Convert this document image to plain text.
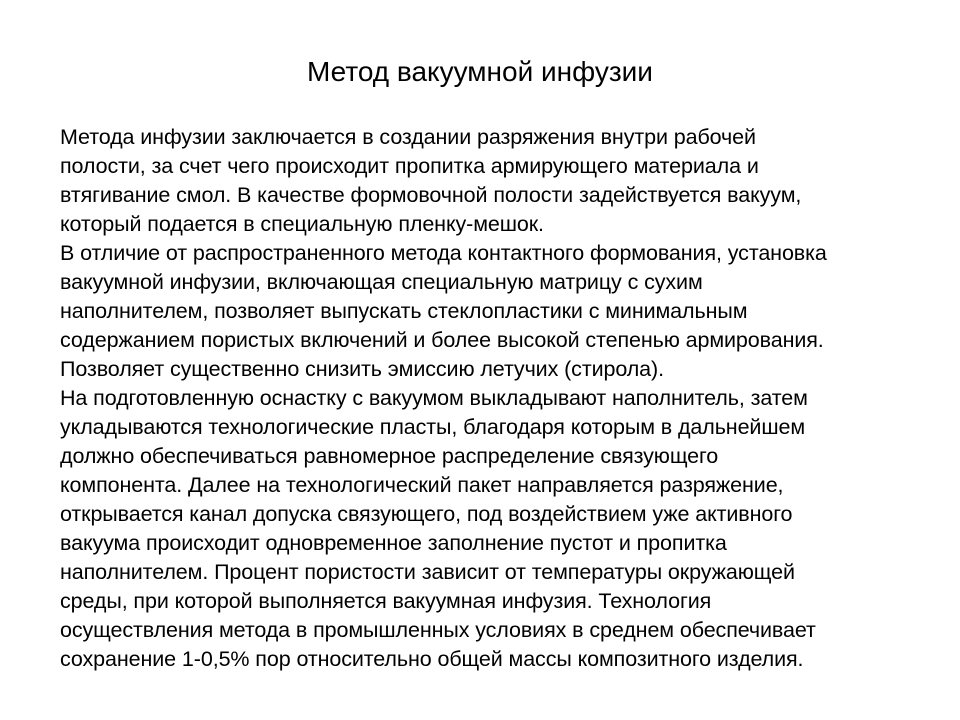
Метод вакуумной инфузии
Метода инфузии заключается в создании разряжения внутри рабочей
полости, за счет чего происходит пропитка армирующего материала и
втягивание смол. В качестве формовочной полости задействуется вакуум,
который подается в специальную пленку-мешок.
В отличие от распространенного метода контактного формования, установка
вакуумной инфузии, включающая специальную матрицу с сухим
наполнителем, позволяет выпускать стеклопластики с минимальным
содержанием пористых включений и более высокой степенью армирования.
Позволяет существенно снизить эмиссию летучих (стирола).
На подготовленную оснастку с вакуумом выкладывают наполнитель, затем
укладываются технологические пласты, благодаря которым в дальнейшем
должно обеспечиваться равномерное распределение связующего
компонента. Далее на технологический пакет направляется разряжение,
открывается канал допуска связующего, под воздействием уже активного
вакуума происходит одновременное заполнение пустот и пропитка
наполнителем. Процент пористости зависит от температуры окружающей
среды, при которой выполняется вакуумная инфузия. Технология
осуществления метода в промышленных условиях в среднем обеспечивает
сохранение 1-0,5% пор относительно общей массы композитного изделия.
